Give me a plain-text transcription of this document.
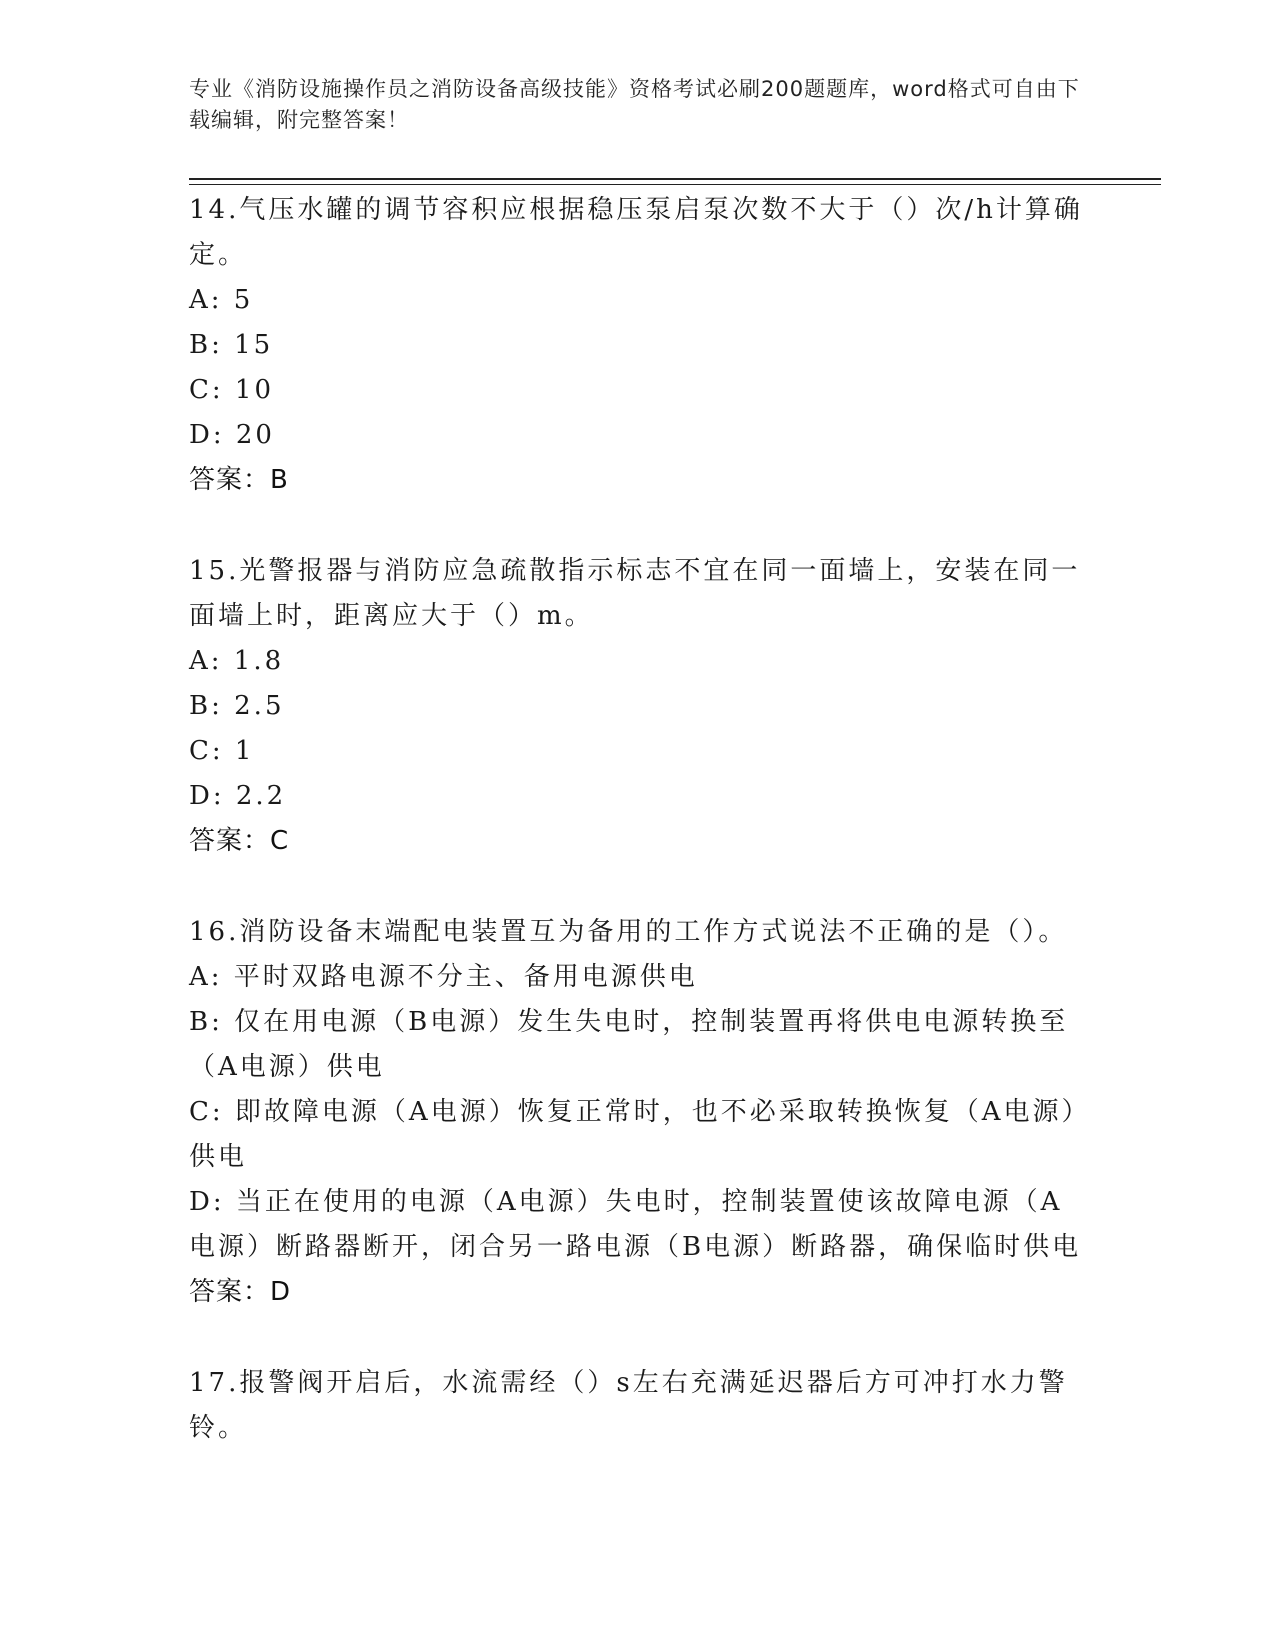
专业《消防设施操作员之消防设备高级技能》资格考试必刷200题题库，word格式可自由下载编辑，附完整答案！

14.气压水罐的调节容积应根据稳压泵启泵次数不大于（）次/h计算确定。

A: 5

B: 15

C: 10

D: 20

答案：B

15.光警报器与消防应急疏散指示标志不宜在同一面墙上，安装在同一面墙上时，距离应大于（）m。

A: 1.8

B: 2.5

C: 1

D: 2.2

答案：C

16.消防设备末端配电装置互为备用的工作方式说法不正确的是（）。

A: 平时双路电源不分主、备用电源供电

B: 仅在用电源（B电源）发生失电时，控制装置再将供电电源转换至（A电源）供电

C: 即故障电源（A电源）恢复正常时，也不必采取转换恢复（A电源）供电

D: 当正在使用的电源（A电源）失电时，控制装置使该故障电源（A电源）断路器断开，闭合另一路电源（B电源）断路器，确保临时供电

答案：D

17.报警阀开启后，水流需经（）s左右充满延迟器后方可冲打水力警铃。
